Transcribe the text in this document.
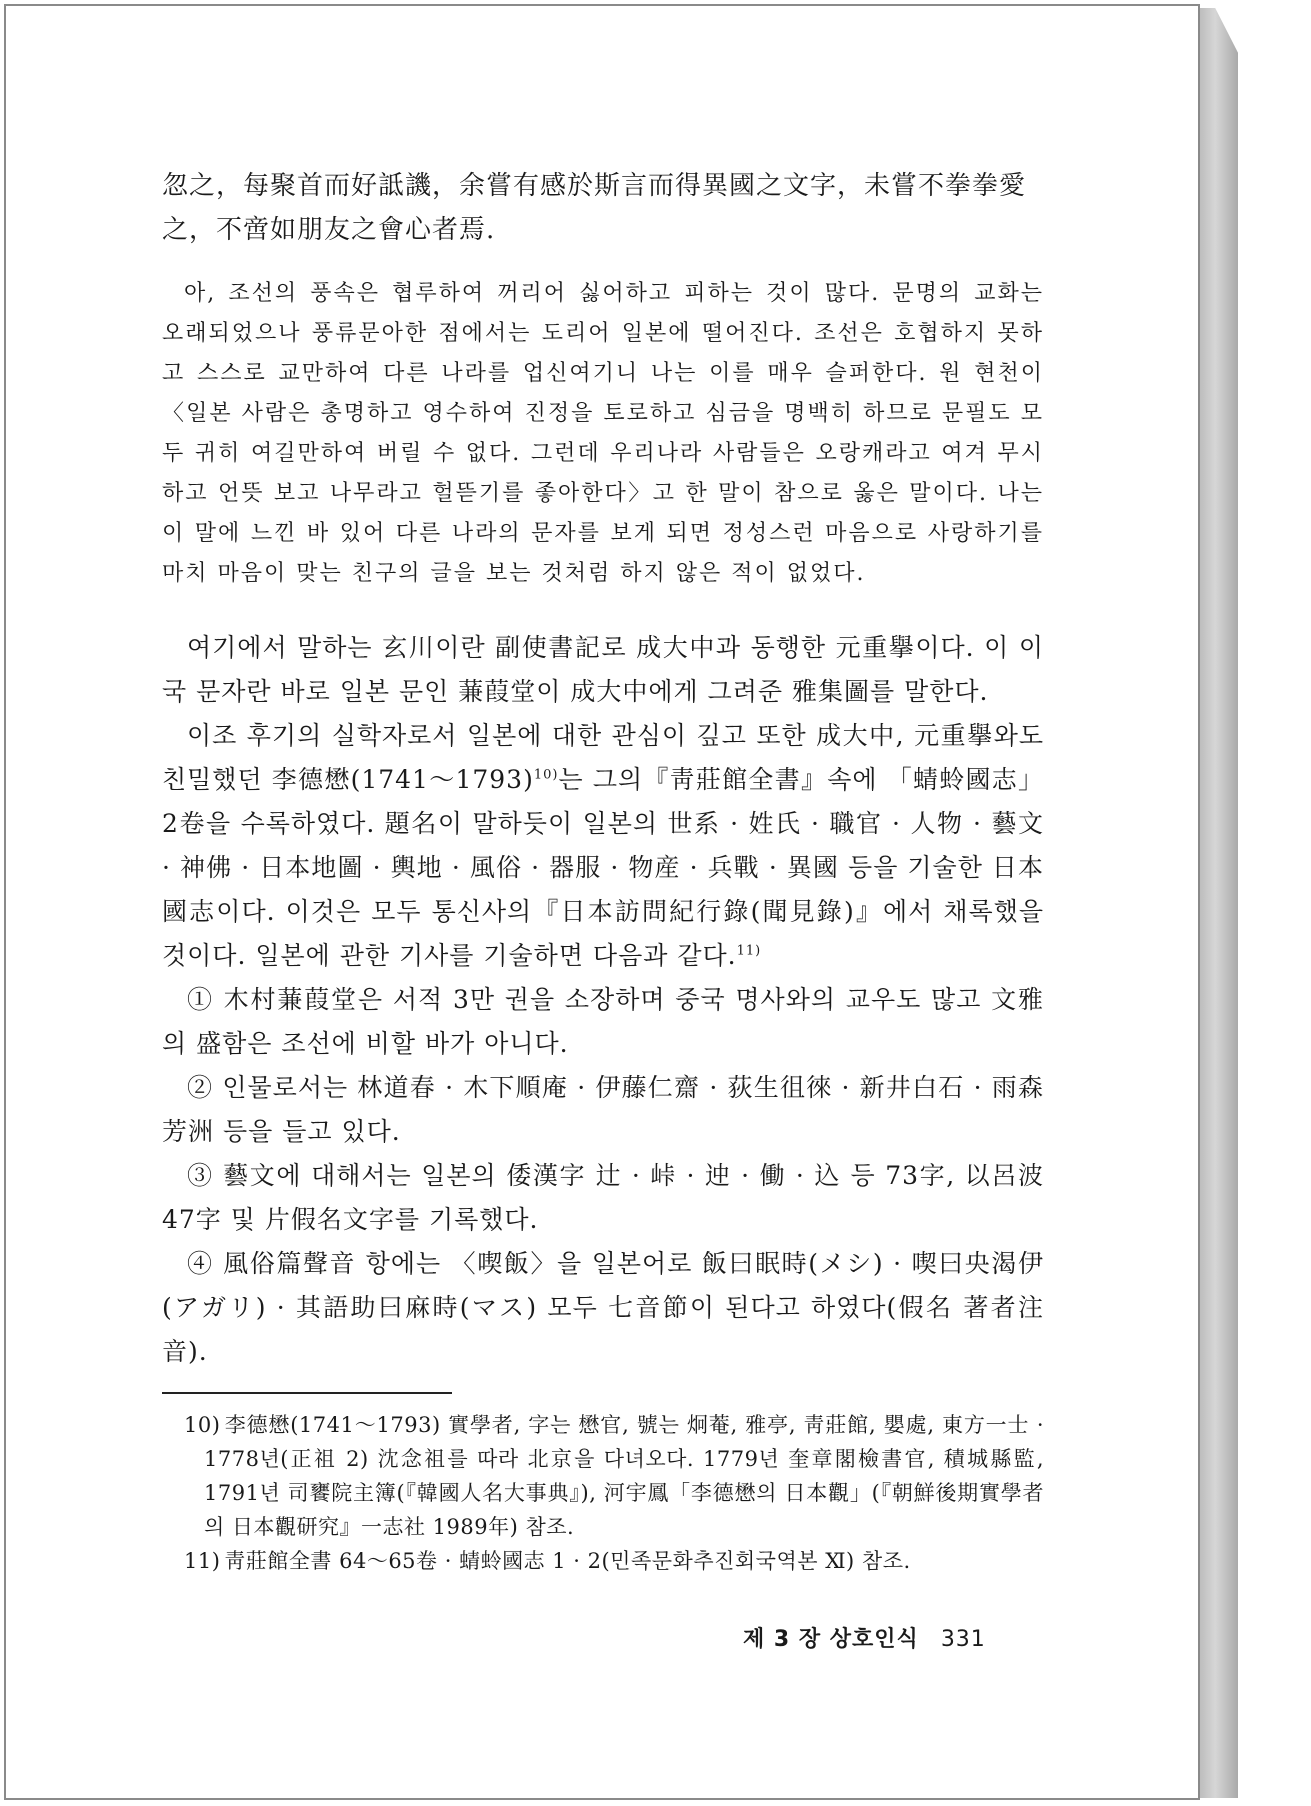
忽之，每聚首而好詆譏，余嘗有感於斯言而得異國之文字，未嘗不拳拳愛之，不啻如朋友之會心者焉.

아, 조선의 풍속은 협루하여 꺼리어 싫어하고 피하는 것이 많다. 문명의 교화는 오래되었으나 풍류문아한 점에서는 도리어 일본에 떨어진다. 조선은 호협하지 못하고 스스로 교만하여 다른 나라를 업신여기니 나는 이를 매우 슬퍼한다. 원 현천이 〈일본 사람은 총명하고 영수하여 진정을 토로하고 심금을 명백히 하므로 문필도 모두 귀히 여길만하여 버릴 수 없다. 그런데 우리나라 사람들은 오랑캐라고 여겨 무시하고 언뜻 보고 나무라고 헐뜯기를 좋아한다〉고 한 말이 참으로 옳은 말이다. 나는 이 말에 느낀 바 있어 다른 나라의 문자를 보게 되면 정성스런 마음으로 사랑하기를 마치 마음이 맞는 친구의 글을 보는 것처럼 하지 않은 적이 없었다.

여기에서 말하는 玄川이란 副使書記로 成大中과 동행한 元重擧이다. 이 이국 문자란 바로 일본 문인 蒹葭堂이 成大中에게 그려준 雅集圖를 말한다.

이조 후기의 실학자로서 일본에 대한 관심이 깊고 또한 成大中, 元重擧와도 친밀했던 李德懋(1741～1793)$^{10)}$는 그의『靑莊館全書』속에 「蜻蛉國志」2卷을 수록하였다. 題名이 말하듯이 일본의 世系 · 姓氏 · 職官 · 人物 · 藝文 · 神佛 · 日本地圖 · 輿地 · 風俗 · 器服 · 物産 · 兵戰 · 異國 등을 기술한 日本國志이다. 이것은 모두 통신사의『日本訪問紀行錄(聞見錄)』에서 채록했을 것이다. 일본에 관한 기사를 기술하면 다음과 같다.$^{11)}$

① 木村蒹葭堂은 서적 3만 권을 소장하며 중국 명사와의 교우도 많고 文雅의 盛함은 조선에 비할 바가 아니다.

② 인물로서는 林道春 · 木下順庵 · 伊藤仁齋 · 荻生徂徠 · 新井白石 · 雨森芳洲 등을 들고 있다.

③ 藝文에 대해서는 일본의 倭漢字 辻 · 峠 · 迚 · 働 · 込 등 73字, 以呂波 47字 및 片假名文字를 기록했다.

④ 風俗篇聲音 항에는 〈喫飯〉을 일본어로 飯曰眠時(メシ) · 喫曰央渴伊(アガリ) · 其語助曰麻時(マス) 모두 七音節이 된다고 하였다(假名 著者注音).

10) 李德懋(1741～1793) 實學者, 字는 懋官, 號는 炯菴, 雅亭, 靑莊館, 嬰處, 東方一士 · 1778년(正祖 2) 沈念祖를 따라 北京을 다녀오다. 1779년 奎章閣檢書官, 積城縣監, 1791년 司饔院主簿(『韓國人名大事典』), 河宇鳳「李德懋의 日本觀」(『朝鮮後期實學者의 日本觀研究』一志社 1989年) 참조.

11) 靑莊館全書 64～65卷 · 蜻蛉國志 1 · 2(민족문화추진회국역본 Ⅺ) 참조.

제 3 장 상호인식 331
